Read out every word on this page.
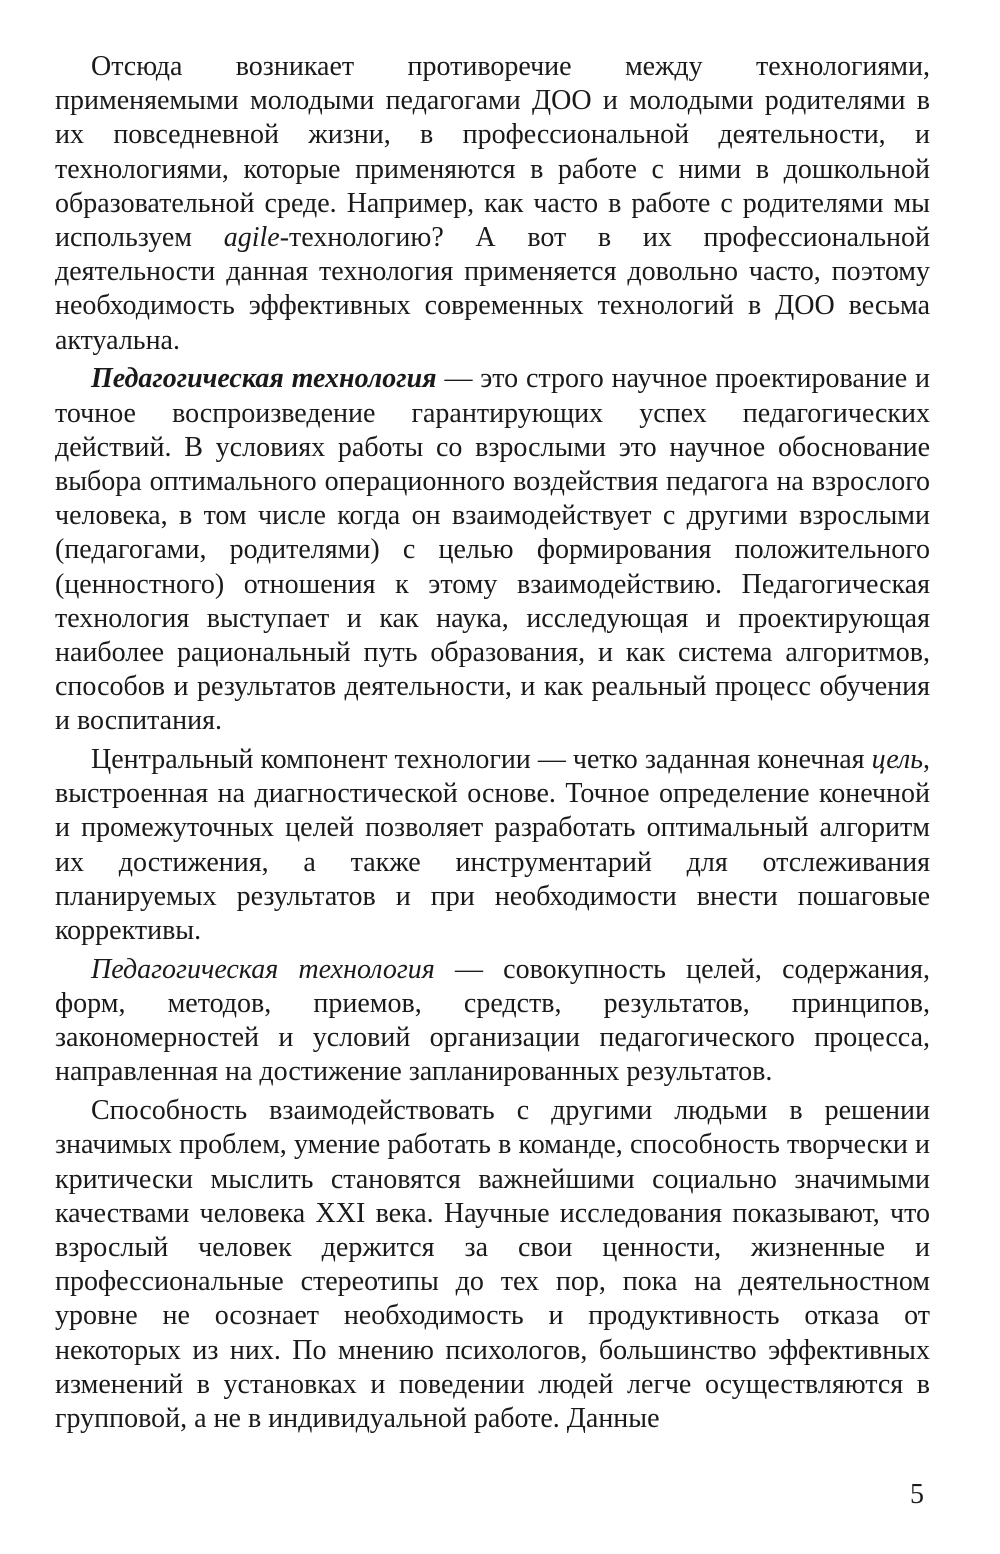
Отсюда возникает противоречие между технологиями, применяемыми молодыми педагогами ДОО и молодыми родителями в их повседневной жизни, в профессиональной деятельности, и технологиями, которые применяются в работе с ними в дошкольной образовательной среде. Например, как часто в работе с родителями мы используем agile-технологию? А вот в их профессиональной деятельности данная технология применяется довольно часто, поэтому необходимость эффективных современных технологий в ДОО весьма актуальна.

Педагогическая технология — это строго научное проектирование и точное воспроизведение гарантирующих успех педагогических действий. В условиях работы со взрослыми это научное обоснование выбора оптимального операционного воздействия педагога на взрослого человека, в том числе когда он взаимодействует с другими взрослыми (педагогами, родителями) с целью формирования положительного (ценностного) отношения к этому взаимодействию. Педагогическая технология выступает и как наука, исследующая и проектирующая наиболее рациональный путь образования, и как система алгоритмов, способов и результатов деятельности, и как реальный процесс обучения и воспитания.

Центральный компонент технологии — четко заданная конечная цель, выстроенная на диагностической основе. Точное определение конечной и промежуточных целей позволяет разработать оптимальный алгоритм их достижения, а также инструментарий для отслеживания планируемых результатов и при необходимости внести пошаговые коррективы.

Педагогическая технология — совокупность целей, содержания, форм, методов, приемов, средств, результатов, принципов, закономерностей и условий организации педагогического процесса, направленная на достижение запланированных результатов.

Способность взаимодействовать с другими людьми в решении значимых проблем, умение работать в команде, способность творчески и критически мыслить становятся важнейшими социально значимыми качествами человека XXI века. Научные исследования показывают, что взрослый человек держится за свои ценности, жизненные и профессиональные стереотипы до тех пор, пока на деятельностном уровне не осознает необходимость и продуктивность отказа от некоторых из них. По мнению психологов, большинство эффективных изменений в установках и поведении людей легче осуществляются в групповой, а не в индивидуальной работе. Данные

5
